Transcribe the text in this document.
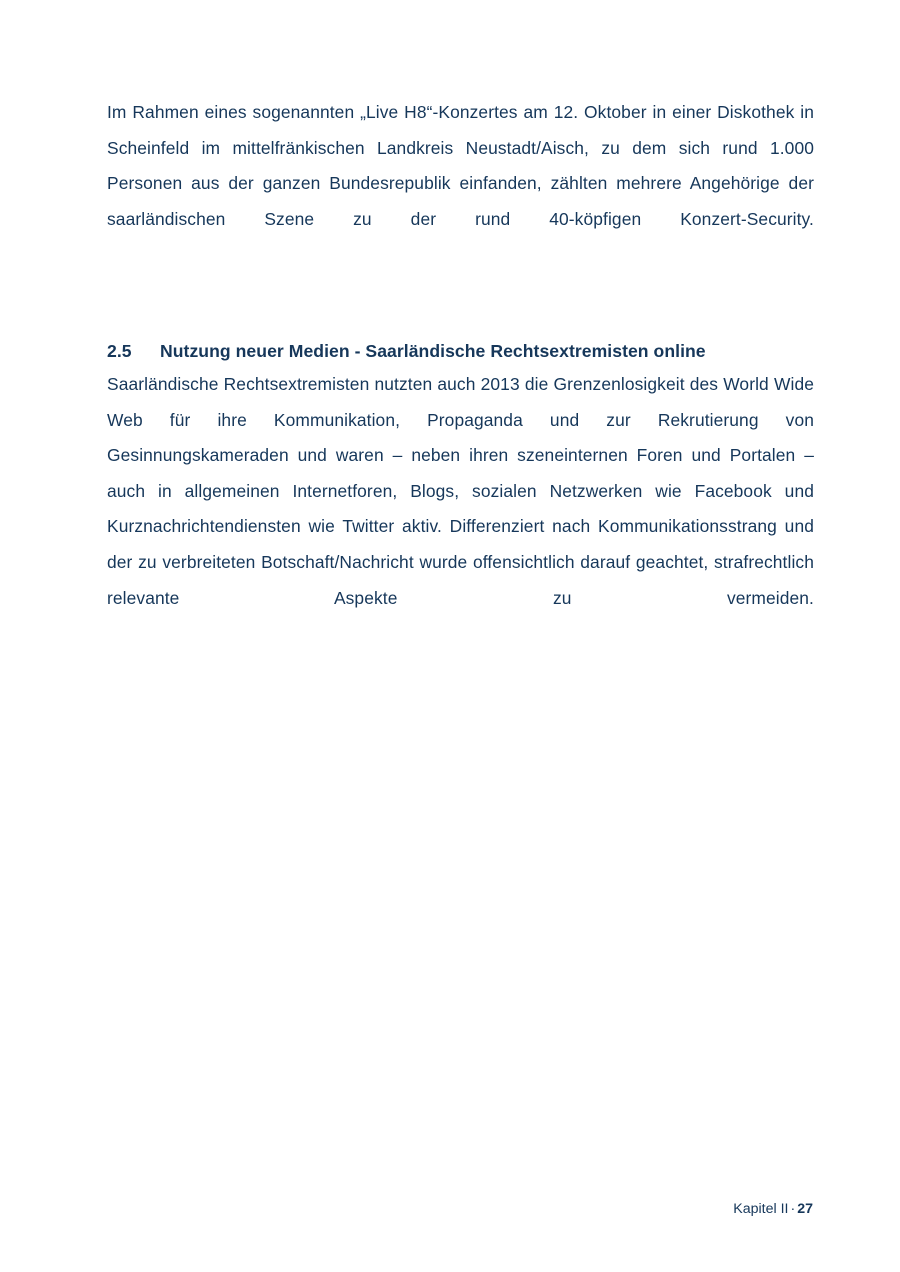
Im Rahmen eines sogenannten „Live H8“-Konzertes am 12. Oktober in einer Diskothek in Scheinfeld im mittelfränkischen Landkreis Neustadt/Aisch, zu dem sich rund 1.000 Personen aus der ganzen Bundesrepublik einfanden, zählten mehrere Angehörige der saarländischen Szene zu der rund 40-köpfigen Konzert-Security.

2.5 Nutzung neuer Medien - Saarländische Rechtsextremisten online

Saarländische Rechtsextremisten nutzten auch 2013 die Grenzenlosigkeit des World Wide Web für ihre Kommunikation, Propaganda und zur Rekrutierung von Gesinnungskameraden und waren – neben ihren szeneinternen Foren und Portalen – auch in allgemeinen Internetforen, Blogs, sozialen Netzwerken wie Facebook und Kurznachrichtendiensten wie Twitter aktiv. Differenziert nach Kommunikationsstrang und der zu verbreiteten Botschaft/Nachricht wurde offensichtlich darauf geachtet, strafrechtlich relevante Aspekte zu vermeiden.

Kapitel II · 27
